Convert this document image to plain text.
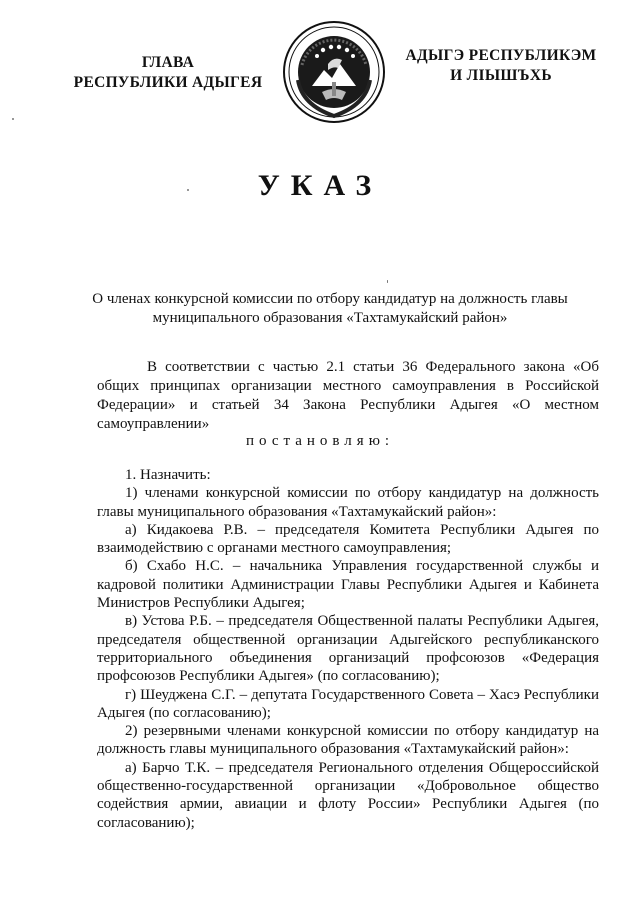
ГЛАВА
РЕСПУБЛИКИ АДЫГЕЯ
АДЫГЭ РЕСПУБЛИКЭМ
И ЛІЫШЪХЬ
УКАЗ
О членах конкурсной комиссии по отбору кандидатур на должность главы муниципального образования «Тахтамукайский район»
В соответствии с частью 2.1 статьи 36 Федерального закона «Об общих принципах организации местного самоуправления в Российской Федерации» и статьей 34 Закона Республики Адыгея «О местном самоуправлении»
постановляю:

1. Назначить:

1) членами конкурсной комиссии по отбору кандидатур на должность главы муниципального образования «Тахтамукайский район»:

а) Кидакоева Р.В. – председателя Комитета Республики Адыгея по взаимодействию с органами местного самоуправления;

б) Схабо Н.С. – начальника Управления государственной службы и кадровой политики Администрации Главы Республики Адыгея и Кабинета Министров Республики Адыгея;

в) Устова Р.Б. – председателя Общественной палаты Республики Адыгея, председателя общественной организации Адыгейского республиканского территориального объединения организаций профсоюзов «Федерация профсоюзов Республики Адыгея» (по согласованию);

г) Шеуджена С.Г. – депутата Государственного Совета – Хасэ Республики Адыгея (по согласованию);

2) резервными членами конкурсной комиссии по отбору кандидатур на должность главы муниципального образования «Тахтамукайский район»:

а) Барчо Т.К. – председателя Регионального отделения Общероссийской общественно-государственной организации «Добровольное общество содействия армии, авиации и флоту России» Республики Адыгея (по согласованию);
